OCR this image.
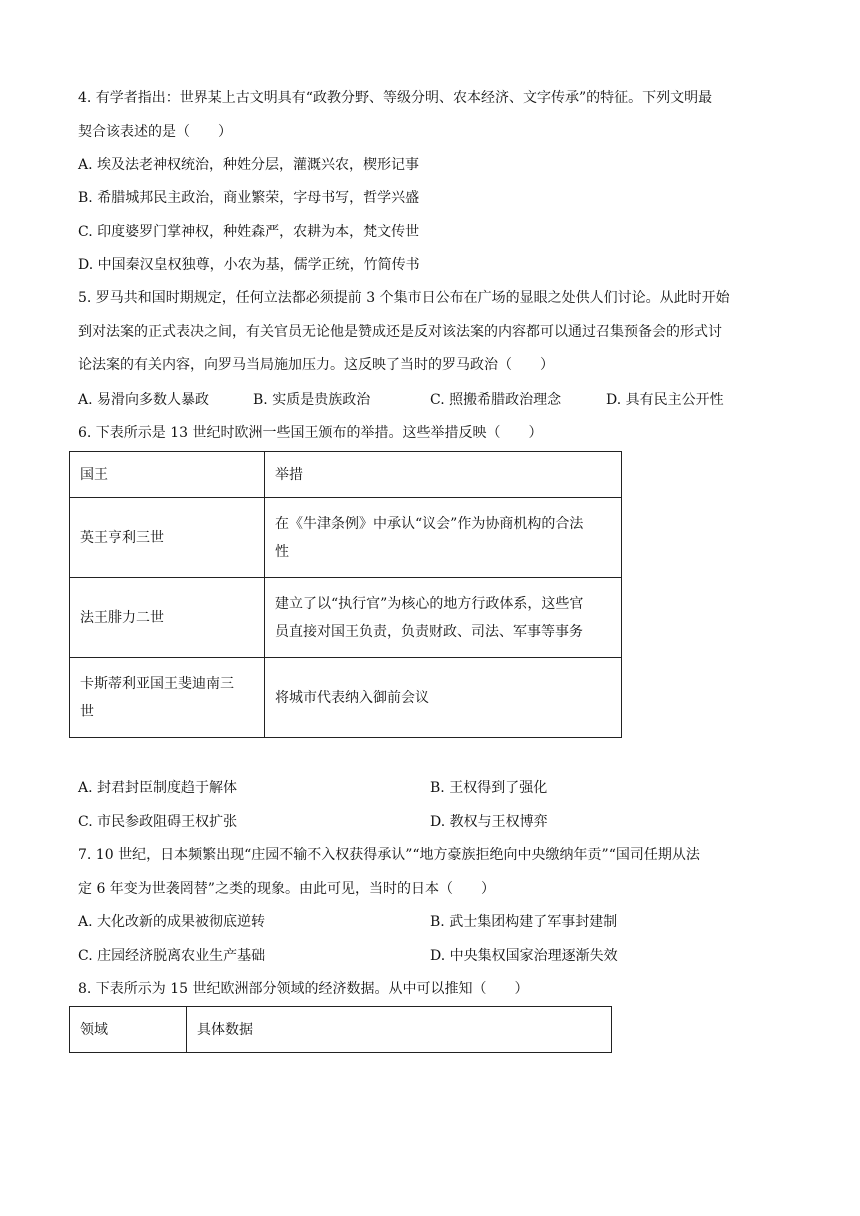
4. 有学者指出：世界某上古文明具有“政教分野、等级分明、农本经济、文字传承”的特征。下列文明最
契合该表述的是（　　）
A. 埃及法老神权统治，种姓分层，灌溉兴农，楔形记事
B. 希腊城邦民主政治，商业繁荣，字母书写，哲学兴盛
C. 印度婆罗门掌神权，种姓森严，农耕为本，梵文传世
D. 中国秦汉皇权独尊，小农为基，儒学正统，竹简传书
5. 罗马共和国时期规定，任何立法都必须提前 3 个集市日公布在广场的显眼之处供人们讨论。从此时开始
到对法案的正式表决之间，有关官员无论他是赞成还是反对该法案的内容都可以通过召集预备会的形式讨
论法案的有关内容，向罗马当局施加压力。这反映了当时的罗马政治（　　）
A. 易滑向多数人暴政	B. 实质是贵族政治	C. 照搬希腊政治理念	D. 具有民主公开性
6. 下表所示是 13 世纪时欧洲一些国王颁布的举措。这些举措反映（　　）
国王	举措
英王亨利三世	在《牛津条例》中承认“议会”作为协商机构的合法
性

法王腓力二世	建立了以“执行官”为核心的地方行政体系，这些官
员直接对国王负责，负责财政、司法、军事等事务

卡斯蒂利亚国王斐迪南三
世	将城市代表纳入御前会议
A. 封君封臣制度趋于解体	B. 王权得到了强化
C. 市民参政阻碍王权扩张	D. 教权与王权博弈
7. 10 世纪，日本频繁出现“庄园不输不入权获得承认”“地方豪族拒绝向中央缴纳年贡”“国司任期从法
定 6 年变为世袭罔替”之类的现象。由此可见，当时的日本（　　）
A. 大化改新的成果被彻底逆转	B. 武士集团构建了军事封建制
C. 庄园经济脱离农业生产基础	D. 中央集权国家治理逐渐失效
8. 下表所示为 15 世纪欧洲部分领域的经济数据。从中可以推知（　　）
领域	具体数据
